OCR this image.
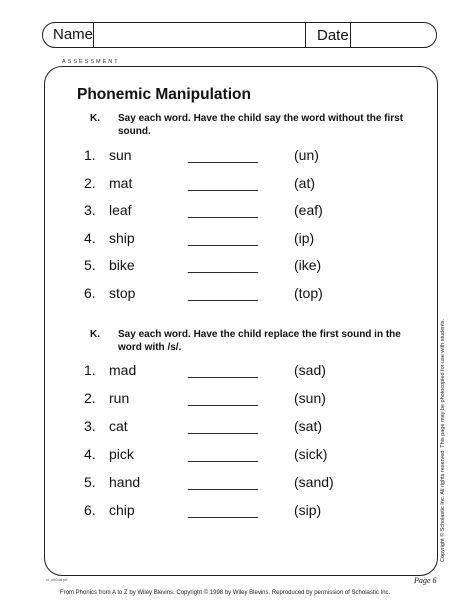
Name	Date
ASSESSMENT
Phonemic Manipulation
K. Say each word. Have the child say the word without the first sound.
1. sun	_________	(un)
2. mat	_________	(at)
3. leaf	_________	(eaf)
4. ship	_________	(ip)
5. bike	_________	(ike)
6. stop	_________	(top)
K. Say each word. Have the child replace the first sound in the word with /s/.
1. mad	_________	(sad)
2. run	_________	(sun)
3. cat	_________	(sat)
4. pick	_________	(sick)
5. hand	_________	(sand)
6. chip	_________	(sip)	Copyright © Scholastic Inc. All rights reserved. This page may be photocopied for use with students.
ci_ch04a.p6	Page 6
From Phonics from A to Z by Wiley Blevins. Copyright © 1998 by Wiley Blevins. Reproduced by permission of Scholastic Inc.
